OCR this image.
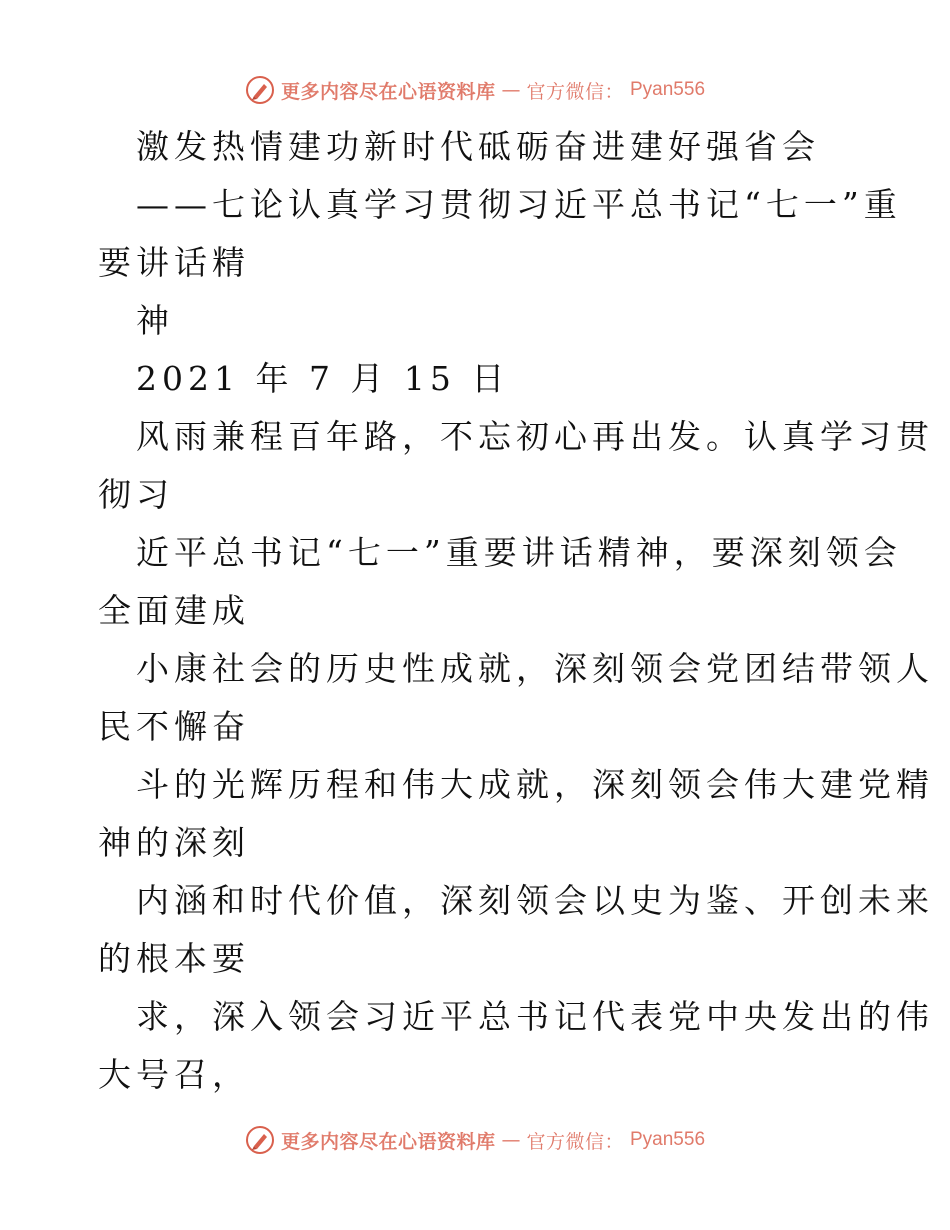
更多内容尽在心语资料库 — 官方微信： Pyan556
激发热情建功新时代砥砺奋进建好强省会
——七论认真学习贯彻习近平总书记“七一”重
要讲话精
神
2021 年 7 月 15 日
风雨兼程百年路，不忘初心再出发。认真学习贯
彻习
近平总书记“七一”重要讲话精神，要深刻领会
全面建成
小康社会的历史性成就，深刻领会党团结带领人
民不懈奋
斗的光辉历程和伟大成就，深刻领会伟大建党精
神的深刻
内涵和时代价值，深刻领会以史为鉴、开创未来
的根本要
求，深入领会习近平总书记代表党中央发出的伟
大号召，
更多内容尽在心语资料库 — 官方微信： Pyan556
